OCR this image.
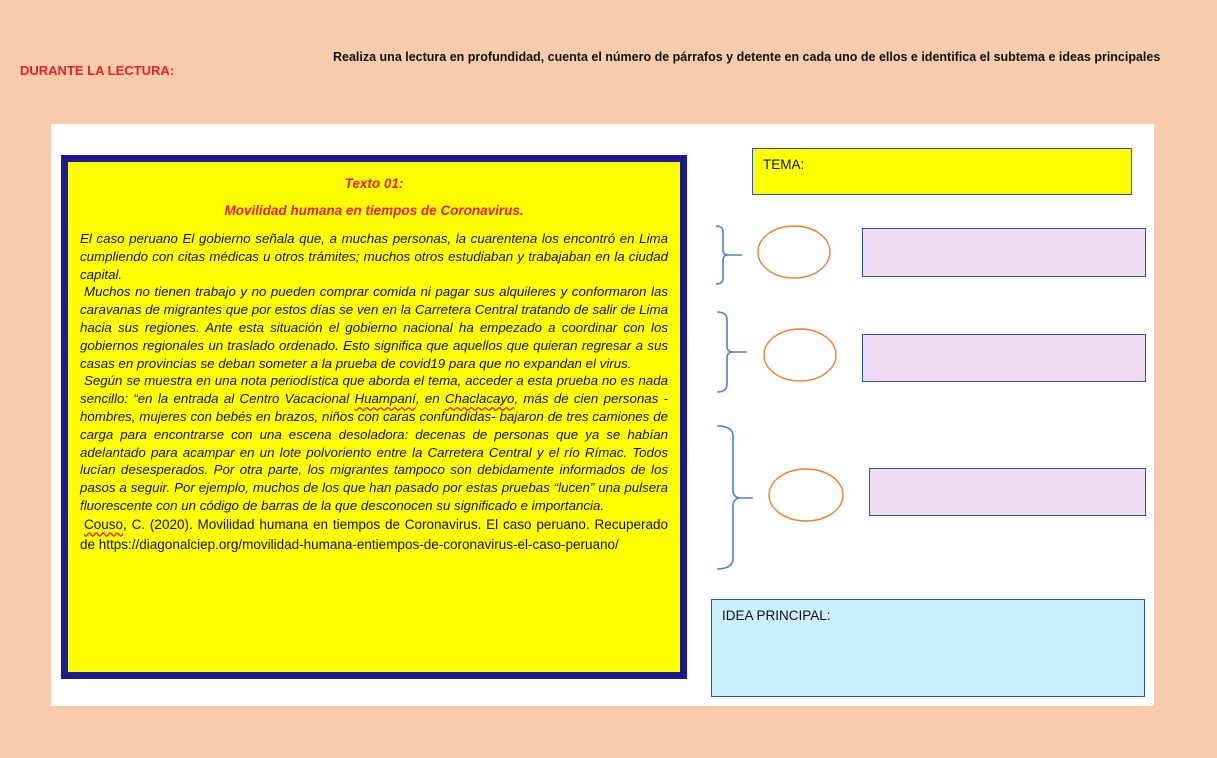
DURANTE LA LECTURA:
Realiza una lectura en profundidad, cuenta el número de párrafos y detente en cada uno de ellos e identifica el subtema e ideas principales
Texto 01:
Movilidad humana en tiempos de Coronavirus.

El caso peruano El gobierno señala que, a muchas personas, la cuarentena los encontró en Lima cumpliendo con citas médicas u otros trámites; muchos otros estudiaban y trabajaban en la ciudad capital.

Muchos no tienen trabajo y no pueden comprar comida ni pagar sus alquileres y conformaron las caravanas de migrantes que por estos días se ven en la Carretera Central tratando de salir de Lima hacia sus regiones. Ante esta situación el gobierno nacional ha empezado a coordinar con los gobiernos regionales un traslado ordenado. Esto significa que aquellos que quieran regresar a sus casas en provincias se deban someter a la prueba de covid19 para que no expandan el virus.

Según se muestra en una nota periodística que aborda el tema, acceder a esta prueba no es nada sencillo: “en la entrada al Centro Vacacional Huampaní, en Chaclacayo, más de cien personas -hombres, mujeres con bebés en brazos, niños con caras confundidas- bajaron de tres camiones de carga para encontrarse con una escena desoladora: decenas de personas que ya se habían adelantado para acampar en un lote polvoriento entre la Carretera Central y el río Rímac. Todos lucían desesperados. Por otra parte, los migrantes tampoco son debidamente informados de los pasos a seguir. Por ejemplo, muchos de los que han pasado por estas pruebas “lucen” una pulsera fluorescente con un código de barras de la que desconocen su significado e importancia.

Couso, C. (2020). Movilidad humana en tiempos de Coronavirus. El caso peruano. Recuperado de https://diagonalciep.org/movilidad-humana-entiempos-de-coronavirus-el-caso-peruano/

TEMA:
IDEA PRINCIPAL:
